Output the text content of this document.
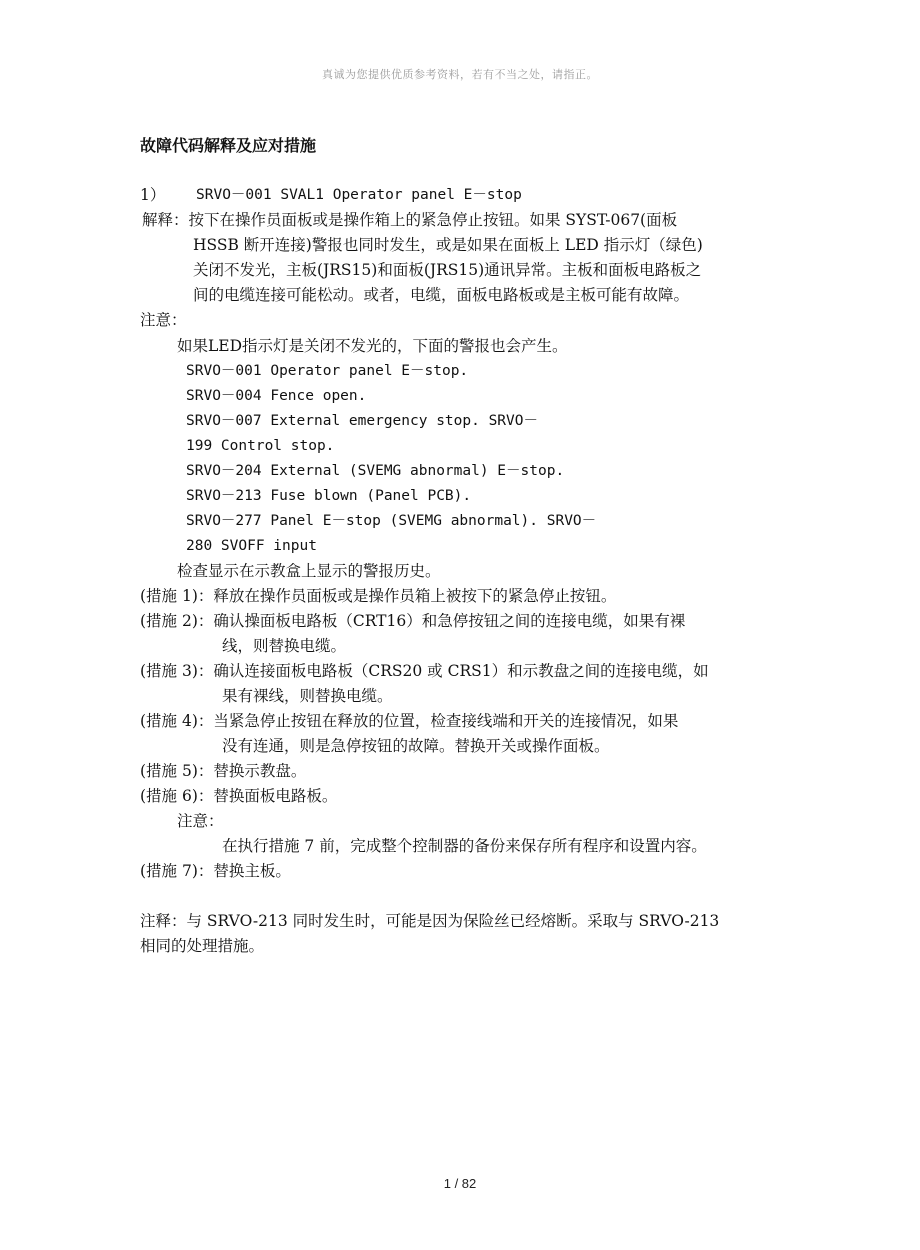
真诚为您提供优质参考资料，若有不当之处，请指正。
故障代码解释及应对措施
1） SRVO－001 SVAL1 Operator panel E－stop
解释：按下在操作员面板或是操作箱上的紧急停止按钮。如果 SYST-067(面板
HSSB 断开连接)警报也同时发生，或是如果在面板上 LED 指示灯（绿色)
关闭不发光，主板(JRS15)和面板(JRS15)通讯异常。主板和面板电路板之
间的电缆连接可能松动。或者，电缆，面板电路板或是主板可能有故障。
注意：
如果LED指示灯是关闭不发光的，下面的警报也会产生。
SRVO－001 Operator panel E－stop.
SRVO－004 Fence open.
SRVO－007 External emergency stop. SRVO－
199 Control stop.
SRVO－204 External (SVEMG abnormal) E－stop.
SRVO－213 Fuse blown (Panel PCB).
SRVO－277 Panel E－stop (SVEMG abnormal). SRVO－
280 SVOFF input
检查显示在示教盒上显示的警报历史。
(措施 1)：释放在操作员面板或是操作员箱上被按下的紧急停止按钮。
(措施 2)：确认操面板电路板（CRT16）和急停按钮之间的连接电缆，如果有裸
线，则替换电缆。
(措施 3)：确认连接面板电路板（CRS20 或 CRS1）和示教盘之间的连接电缆，如
果有裸线，则替换电缆。
(措施 4)：当紧急停止按钮在释放的位置，检查接线端和开关的连接情况，如果
没有连通，则是急停按钮的故障。替换开关或操作面板。
(措施 5)：替换示教盘。
(措施 6)：替换面板电路板。
注意：
在执行措施 7 前，完成整个控制器的备份来保存所有程序和设置内容。
(措施 7)：替换主板。
注释：与 SRVO-213 同时发生时，可能是因为保险丝已经熔断。采取与 SRVO-213
相同的处理措施。
1 / 82
